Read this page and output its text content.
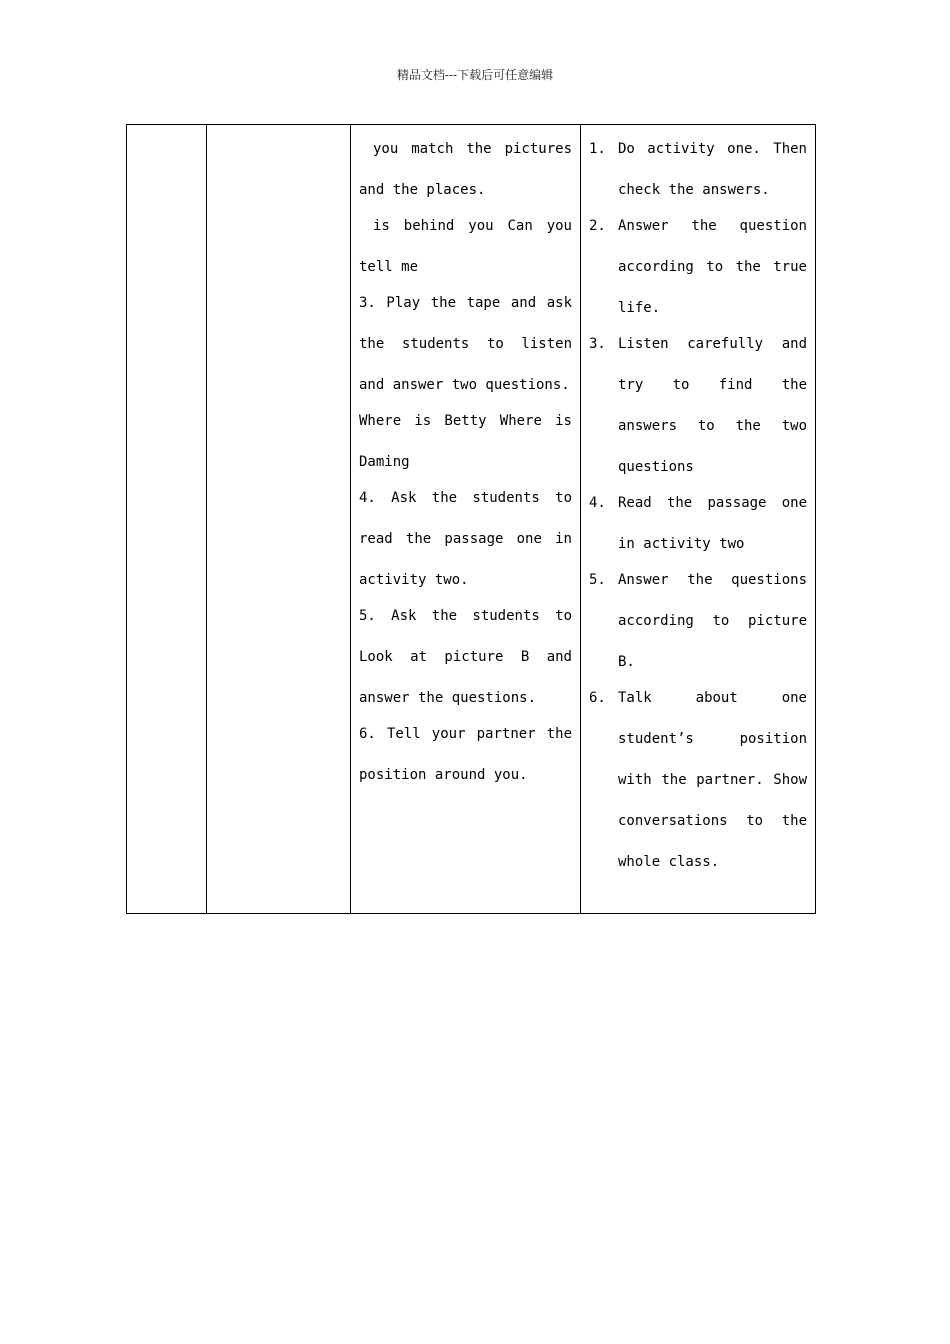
精品文档---下载后可任意编辑

you match the pictures and the places.

is behind you Can you tell me

3. Play the tape and ask the students to listen and answer two questions.

Where is Betty Where is Daming

4. Ask the students to read the passage one in activity two.

5. Ask the students to Look at picture B and answer the questions.

6. Tell your partner the position around you.

1. Do activity one. Then check the answers.
2. Answer the question according to the true life.
3. Listen carefully and try to find the answers to the two questions
4. Read the passage one in activity two
5. Answer the questions according to picture B.
6. Talk about one student’s position with the partner. Show conversations to the whole class.
